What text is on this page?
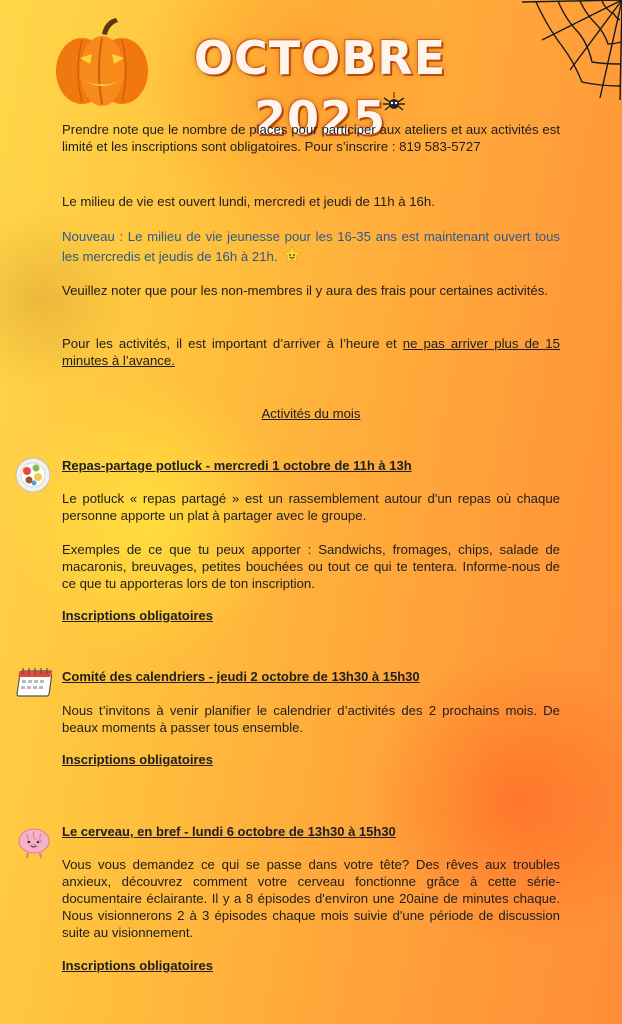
OCTOBRE 2025

Prendre note que le nombre de places pour participer aux ateliers et aux activités est limité et les inscriptions sont obligatoires. Pour s’inscrire : 819 583-5727

Le milieu de vie est ouvert lundi, mercredi et jeudi de 11h à 16h.

Nouveau : Le milieu de vie jeunesse pour les 16-35 ans est maintenant ouvert tous les mercredis et jeudis de 16h à 21h.

Veuillez noter que pour les non-membres il y aura des frais pour certaines activités.

Pour les activités, il est important d’arriver à l’heure et ne pas arriver plus de 15 minutes à l’avance.

Activités du mois

Repas-partage potluck - mercredi 1 octobre de 11h à 13h

Le potluck « repas partagé » est un rassemblement autour d'un repas où chaque personne apporte un plat à partager avec le groupe.

Exemples de ce que tu peux apporter : Sandwichs, fromages, chips, salade de macaronis, breuvages, petites bouchées ou tout ce qui te tentera. Informe-nous de ce que tu apporteras lors de ton inscription.

Inscriptions obligatoires

Comité des calendriers - jeudi 2 octobre de 13h30 à 15h30

Nous t’invitons à venir planifier le calendrier d’activités des 2 prochains mois. De beaux moments à passer tous ensemble.

Inscriptions obligatoires

Le cerveau, en bref - lundi 6 octobre de 13h30 à 15h30

Vous vous demandez ce qui se passe dans votre tête? Des rêves aux troubles anxieux, découvrez comment votre cerveau fonctionne grâce à cette série-documentaire éclairante. Il y a 8 épisodes d'environ une 20aine de minutes chaque. Nous visionnerons 2 à 3 épisodes chaque mois suivie d'une période de discussion suite au visionnement.

Inscriptions obligatoires
